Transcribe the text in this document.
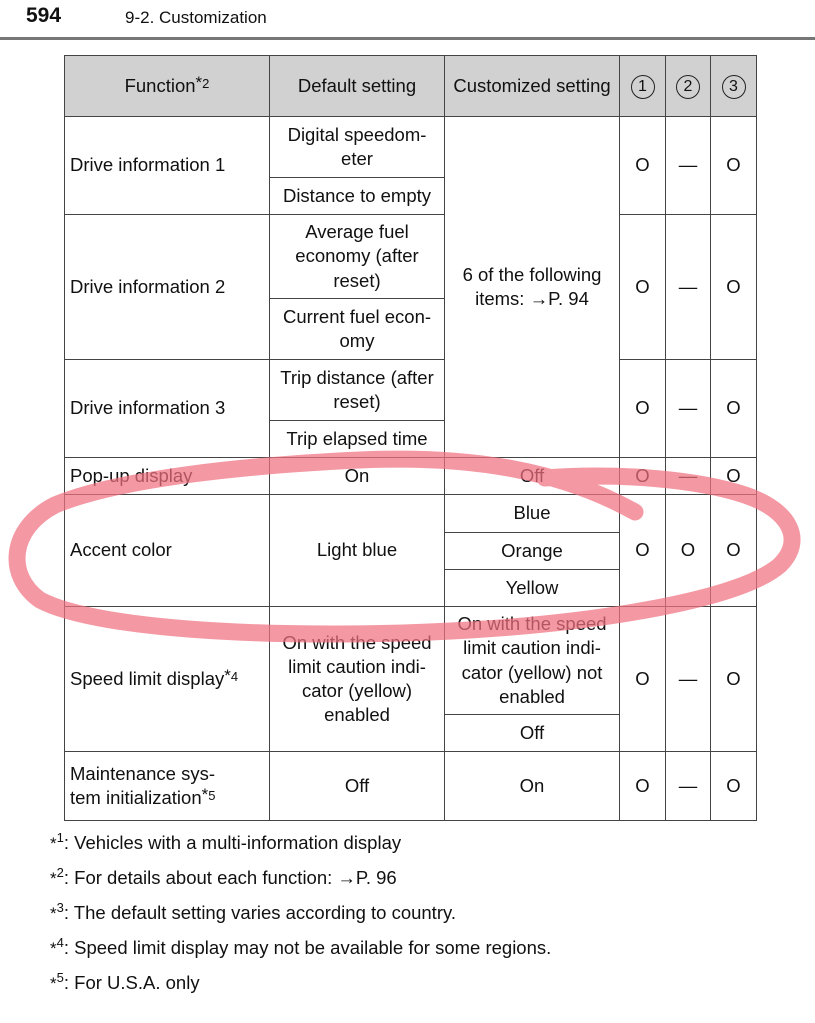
594	9-2. Customization
Function$^{*2}$	Default setting	Customized setting	1	2	3
Drive information 1	Digital speedom-eter	6 of the following items: →P. 94	O	—	O
	Distance to empty				
Drive information 2	Average fuel economy (after reset)		O	—	O
	Current fuel econ-omy				
Drive information 3	Trip distance (after reset)		O	—	O
	Trip elapsed time				
Pop-up display	On	Off	O	—	O
Accent color	Light blue	Blue	O	O	O
		Orange			
		Yellow			
Speed limit display$^{*4}$	On with the speed limit caution indi-cator (yellow) enabled	On with the speed limit caution indi-cator (yellow) not enabled	O	—	O
		Off			

Maintenance sys-
tem initialization$^{*5}$	Off	On	O	—	O
*$^1$: Vehicles with a multi-information display
*$^2$: For details about each function: →P. 96
*$^3$: The default setting varies according to country.
*$^4$: Speed limit display may not be available for some regions.
*$^5$: For U.S.A. only
